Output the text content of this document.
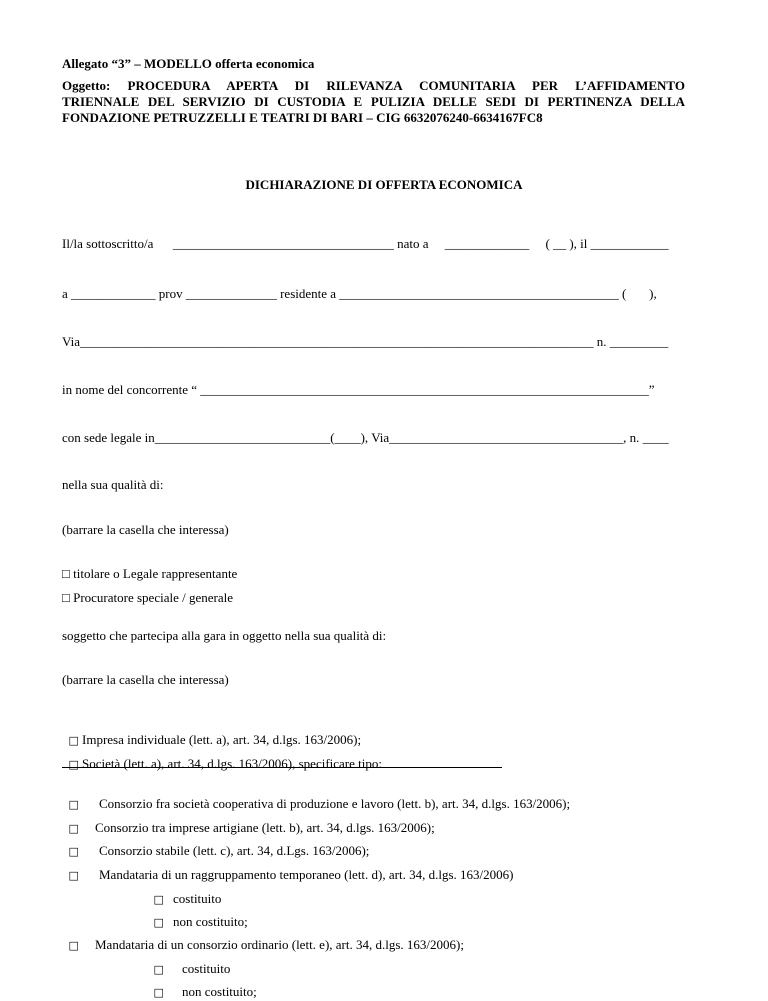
Allegato “3” – MODELLO offerta economica
Oggetto: PROCEDURA APERTA DI RILEVANZA COMUNITARIA PER L’AFFIDAMENTO
TRIENNALE DEL SERVIZIO DI CUSTODIA E PULIZIA DELLE SEDI DI PERTINENZA DELLA
FONDAZIONE PETRUZZELLI E TEATRI DI BARI – CIG 6632076240-6634167FC8
DICHIARAZIONE DI OFFERTA ECONOMICA
Il/la sottoscritto/a      __________________________________ nato a     _____________     ( __ ), il ____________
a _____________ prov ______________ residente a ___________________________________________ (       ),
Via_______________________________________________________________________________ n. _________
in nome del concorrente “ _____________________________________________________________________”
con sede legale in___________________________(____), Via____________________________________, n. ____
nella sua qualità di:
(barrare la casella che interessa)
□ titolare o Legale rappresentante
□ Procuratore speciale / generale
soggetto che partecipa alla gara in oggetto nella sua qualità di:
(barrare la casella che interessa)

□ Impresa individuale (lett. a), art. 34, d.lgs. 163/2006);

□ Società (lett. a), art. 34, d.lgs. 163/2006), specificare tipo:

□ Consorzio fra società cooperativa di produzione e lavoro (lett. b), art. 34, d.lgs. 163/2006);

□ Consorzio tra imprese artigiane (lett. b), art. 34, d.lgs. 163/2006);

□ Consorzio stabile (lett. c), art. 34, d.Lgs. 163/2006);

□ Mandataria di un raggruppamento temporaneo (lett. d), art. 34, d.lgs. 163/2006)

□ costituito

□ non costituito;

□ Mandataria di un consorzio ordinario (lett. e), art. 34, d.lgs. 163/2006);

□ costituito

□ non costituito;
